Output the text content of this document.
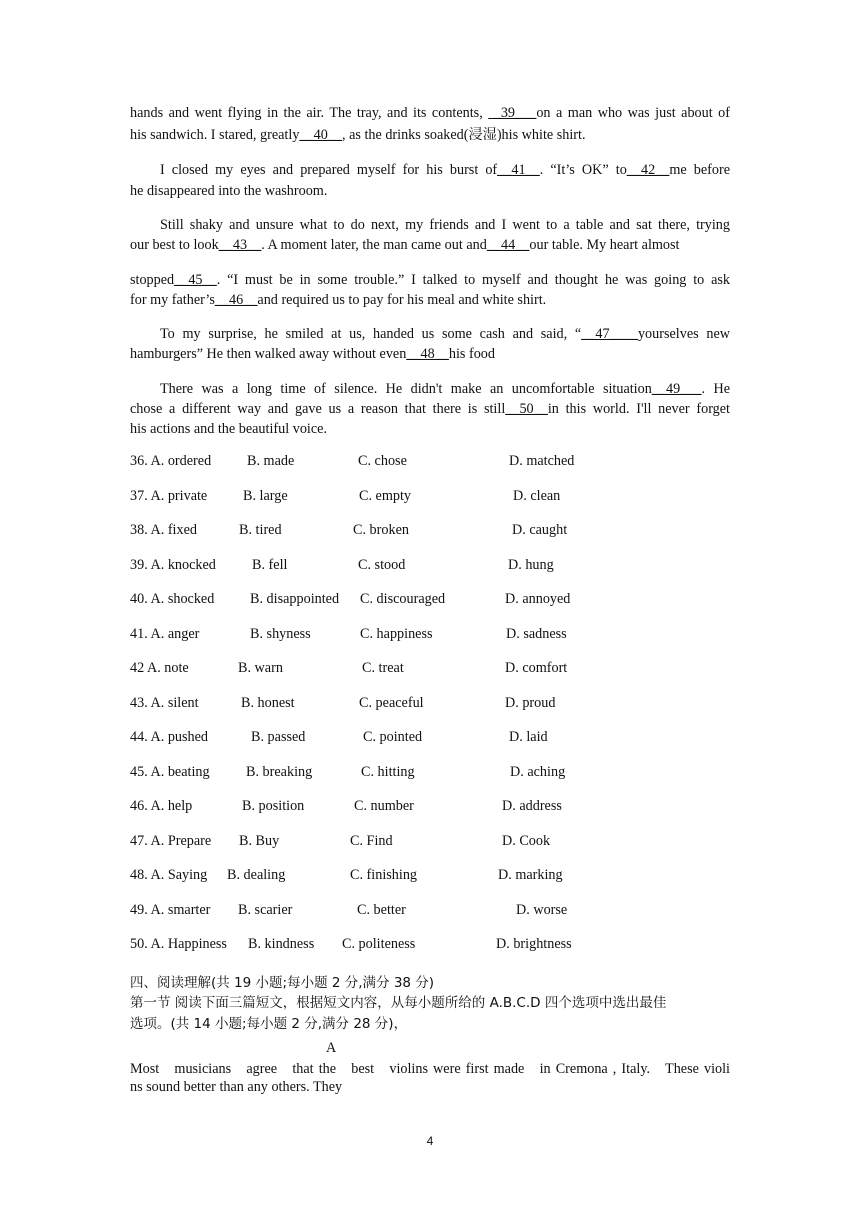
hands and went flying in the air. The tray, and its contents,  _39___on a man who was just about of
his sandwich. I stared, greatly__40__, as the drinks soaked(浸湿)his white shirt.
I closed my eyes and prepared myself for his burst of__41__. “It’s OK” to__42__me before
he disappeared into the washroom.
Still shaky and unsure what to do next, my friends and I went to a table and sat there, trying
our best to look__43__. A moment later, the man came out and__44__our table. My heart almost
stopped__45__. “I must be in some trouble.” I talked to myself and thought he was going to ask
for my father’s__46__and required us to pay for his meal and white shirt.
To my surprise, he smiled at us, handed us some cash and said, “__47____yourselves new
hamburgers” He then walked away without even__48__his food
There was a long time of silence. He didn't make an uncomfortable situation__49___. He
chose a different way and gave us a reason that there is still__50__in this world. I'll never forget
his actions and the beautiful voice.
36. A. ordered	B. made	C. chose	D. matched
37. A. private	B. large	C. empty	D. clean
38. A. fixed	B. tired	C. broken	D. caught
39. A. knocked	B. fell	C. stood	D. hung
40. A. shocked	B. disappointed C. discouraged	D. annoyed
41. A. anger	B. shyness	C. happiness	D. sadness
42 A. note	B. warn	C. treat	D. comfort
43. A. silent	B. honest	C. peaceful	D. proud
44. A. pushed	B. passed	C. pointed	D. laid
45. A. beating	B. breaking	C. hitting	D. aching
46. A. help	B. position	C. number	D. address
47. A. Prepare B. Buy	C. Find	D. Cook
48. A. Saying B. dealing	C. finishing	D. marking
49. A. smarter B. scarier	C. better	D. worse
50. A. Happiness B. kindness C. politeness	D. brightness
四、阅读理解(共 19 小题;每小题 2 分,满分 38 分)
第一节 阅读下面三篇短文，根据短文内容，从每小题所给的 A.B.C.D 四个选项中选出最佳
选项。(共 14 小题;每小题 2 分,满分 28 分)，
A
Most   musicians   agree   that the   best   violins were first made   in Cremona , Italy.   These violi
ns sound better than any others. They
4
